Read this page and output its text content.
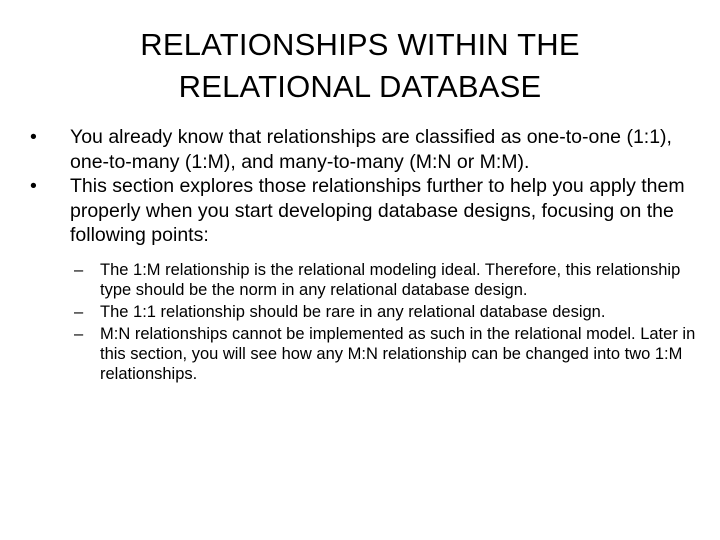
RELATIONSHIPS WITHIN THE
RELATIONAL DATABASE
• You already know that relationships are classified as one-to-one (1:1), one-to-many (1:M), and many-to-many (M:N or M:M).
• This section explores those relationships further to help you apply them properly when you start developing database designs, focusing on the following points:
– The 1:M relationship is the relational modeling ideal. Therefore, this relationship type should be the norm in any relational database design.
– The 1:1 relationship should be rare in any relational database design.
– M:N relationships cannot be implemented as such in the relational model. Later in this section, you will see how any M:N relationship can be changed into two 1:M relationships.
